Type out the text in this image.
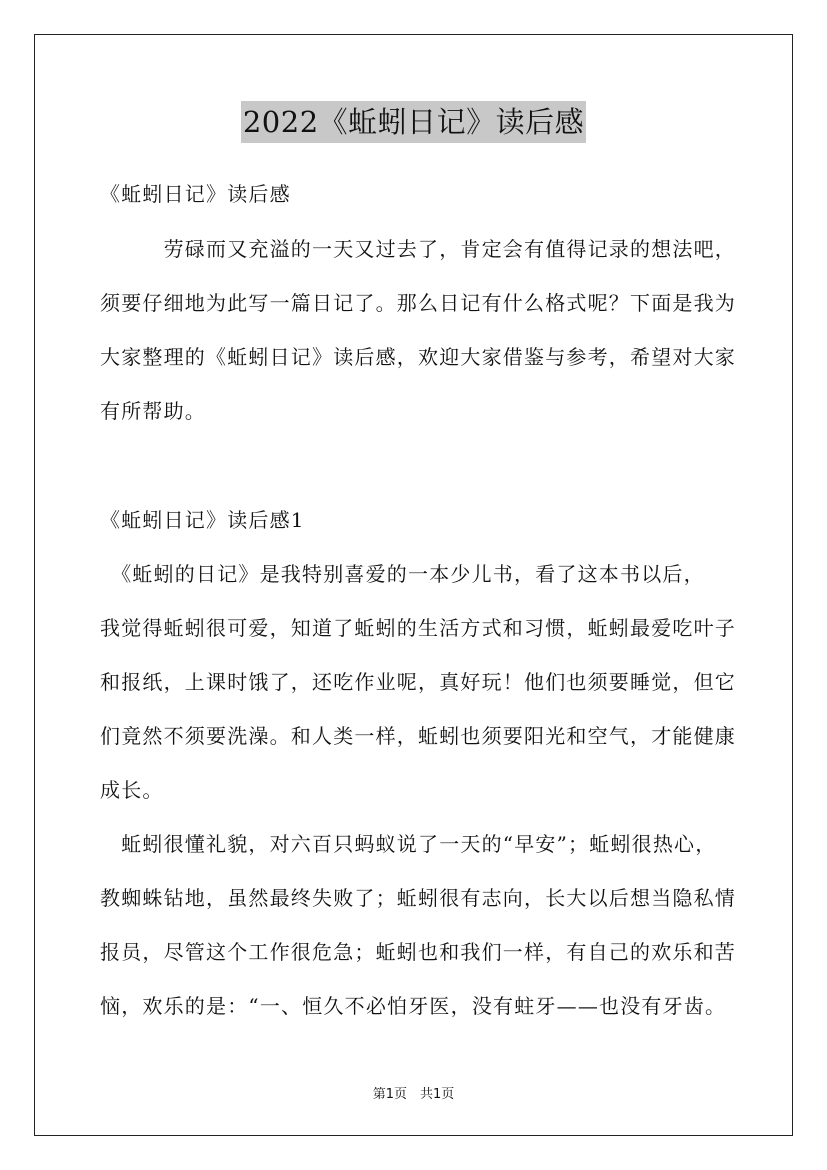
2022《蚯蚓日记》读后感
《蚯蚓日记》读后感
　　　劳碌而又充溢的一天又过去了，肯定会有值得记录的想法吧，
须要仔细地为此写一篇日记了。那么日记有什么格式呢？下面是我为
大家整理的《蚯蚓日记》读后感，欢迎大家借鉴与参考，希望对大家
有所帮助。
《蚯蚓日记》读后感1
　《蚯蚓的日记》是我特别喜爱的一本少儿书，看了这本书以后，
我觉得蚯蚓很可爱，知道了蚯蚓的生活方式和习惯，蚯蚓最爱吃叶子
和报纸，上课时饿了，还吃作业呢，真好玩！他们也须要睡觉，但它
们竟然不须要洗澡。和人类一样，蚯蚓也须要阳光和空气，才能健康
成长。
　蚯蚓很懂礼貌，对六百只蚂蚁说了一天的“早安”；蚯蚓很热心，
教蜘蛛钻地，虽然最终失败了；蚯蚓很有志向，长大以后想当隐私情
报员，尽管这个工作很危急；蚯蚓也和我们一样，有自己的欢乐和苦
恼，欢乐的是：“一、恒久不必怕牙医，没有蛀牙——也没有牙齿。
第1页　共1页
